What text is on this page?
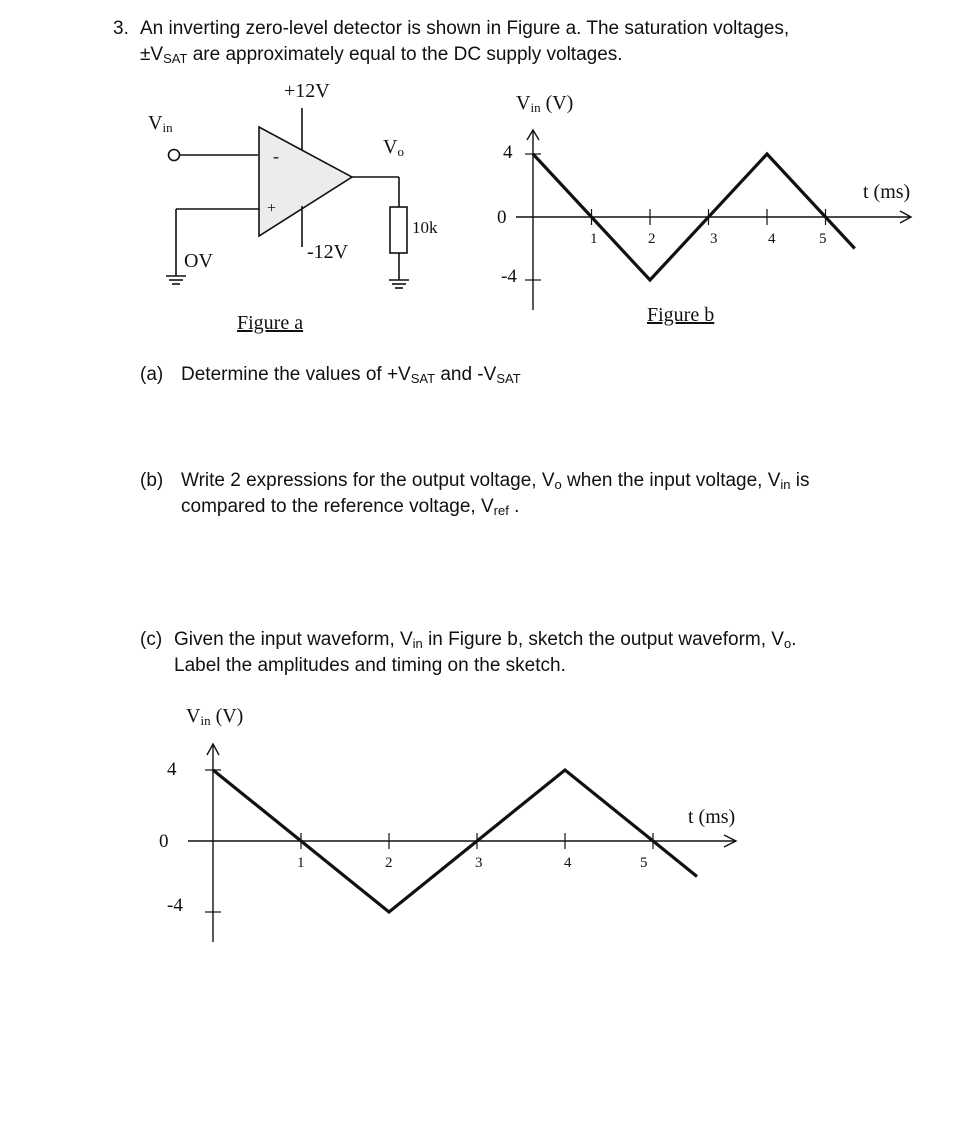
3. An inverting zero-level detector is shown in Figure a. The saturation voltages,
$\pm V_{SAT}$ are approximately equal to the DC supply voltages.
$V_{in}$
+12V
-12V
-
+
$V_o$
10k
OV
Figure a
$V_{in}$ (V)
t (ms)
4
0
-4
1	2	3	4	5
Figure b
(a) Determine the values of $+V_{SAT}$ and $-V_{SAT}$
(b) Write 2 expressions for the output voltage, $V_o$ when the input voltage, $V_{in}$ is
compared to the reference voltage, $V_{ref}$ .
(c) Given the input waveform, $V_{in}$ in Figure b, sketch the output waveform, $V_o$.
Label the amplitudes and timing on the sketch.
$V_{in}$ (V)
t (ms)
4
0
-4
1	2	3	4	5
